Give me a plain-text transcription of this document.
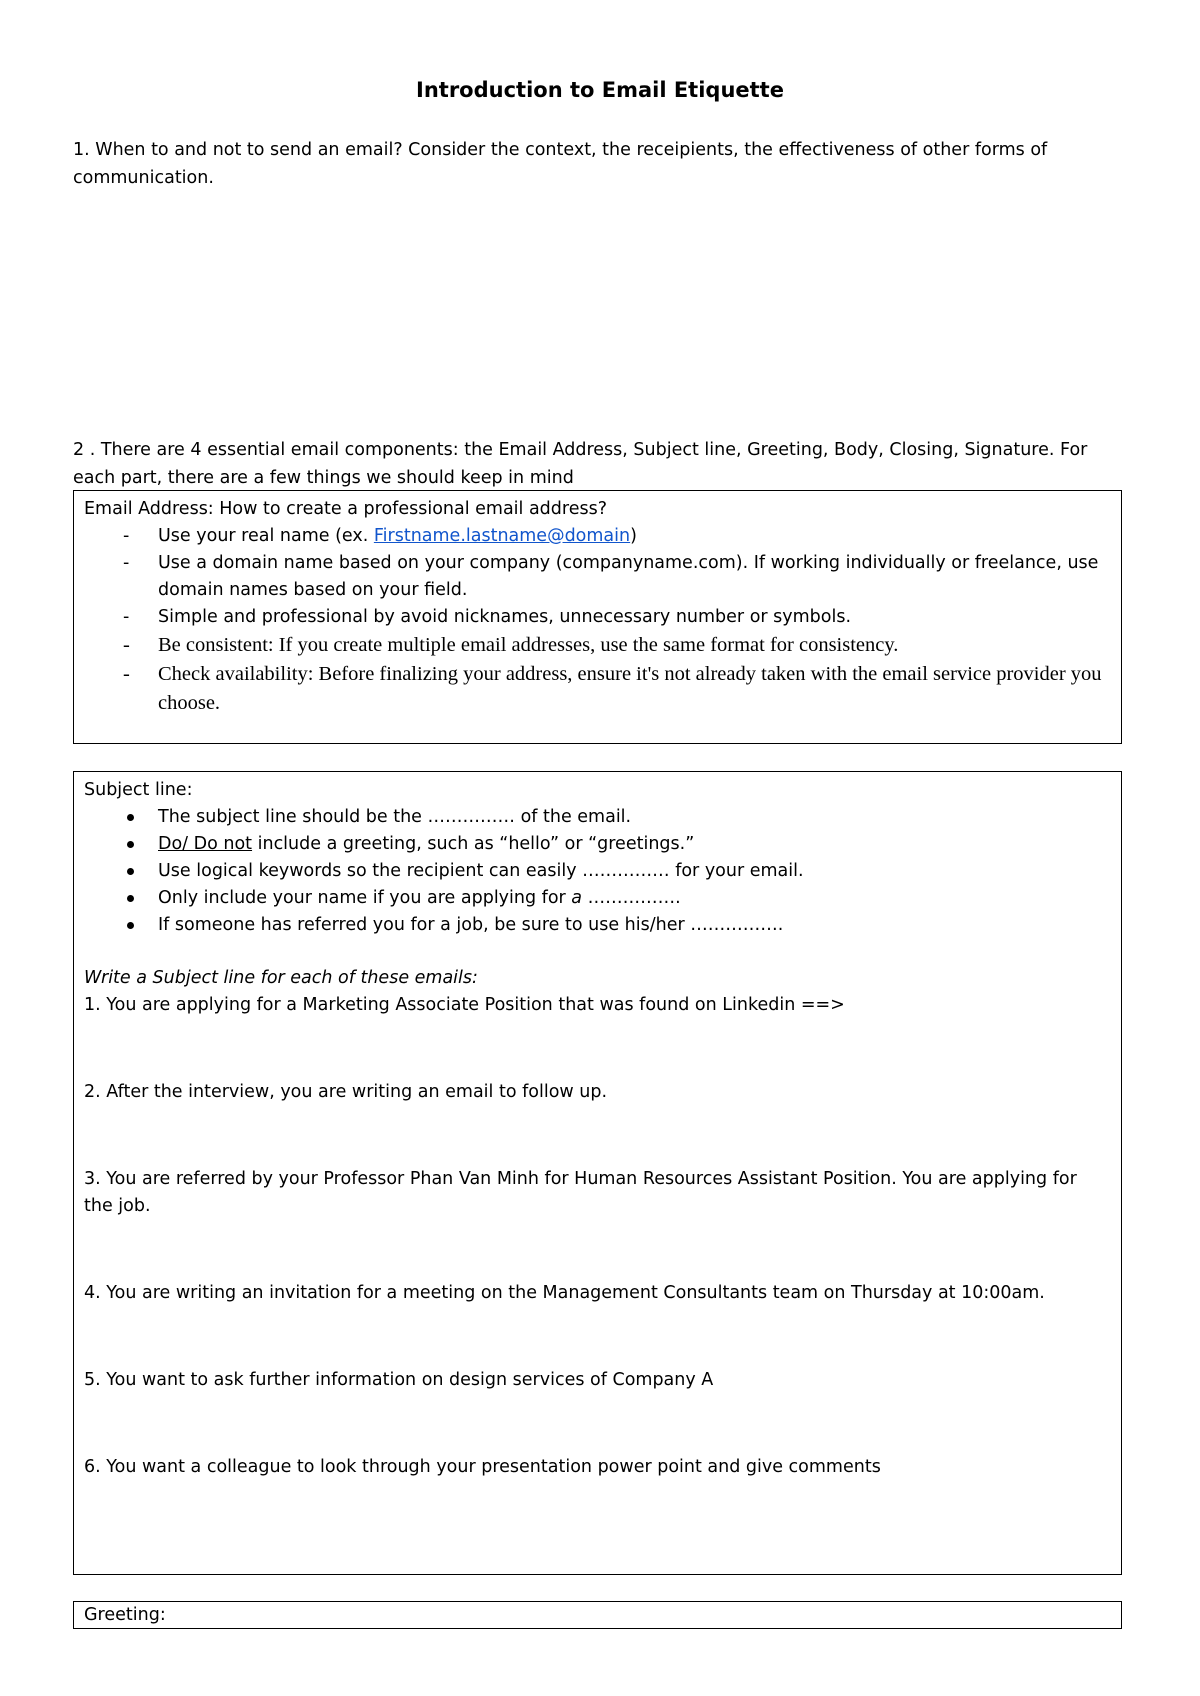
Introduction to Email Etiquette
1. When to and not to send an email? Consider the context, the receipients, the effectiveness of other forms of communication.
2 . There are 4 essential email components: the Email Address, Subject line, Greeting, Body, Closing, Signature. For each part, there are a few things we should keep in mind
Email Address: How to create a professional email address?
- Use your real name (ex. Firstname.lastname@domain)
- Use a domain name based on your company (companyname.com). If working individually or freelance, use domain names based on your field.
- Simple and professional by avoid nicknames, unnecessary number or symbols.
- Be consistent: If you create multiple email addresses, use the same format for consistency.
- Check availability: Before finalizing your address, ensure it's not already taken with the email service provider you choose.
Subject line:
The subject line should be the …………… of the email.
Do/ Do not include a greeting, such as “hello” or “greetings.”
Use logical keywords so the recipient can easily …………… for your email.
Only include your name if you are applying for a …………….
If someone has referred you for a job, be sure to use his/her …………….
Write a Subject line for each of these emails:
1. You are applying for a Marketing Associate Position that was found on Linkedin ==>
2. After the interview, you are writing an email to follow up.
3. You are referred by your Professor Phan Van Minh for Human Resources Assistant Position. You are applying for the job.
4. You are writing an invitation for a meeting on the Management Consultants team on Thursday at 10:00am.
5. You want to ask further information on design services of Company A
6. You want a colleague to look through your presentation power point and give comments
Greeting:
